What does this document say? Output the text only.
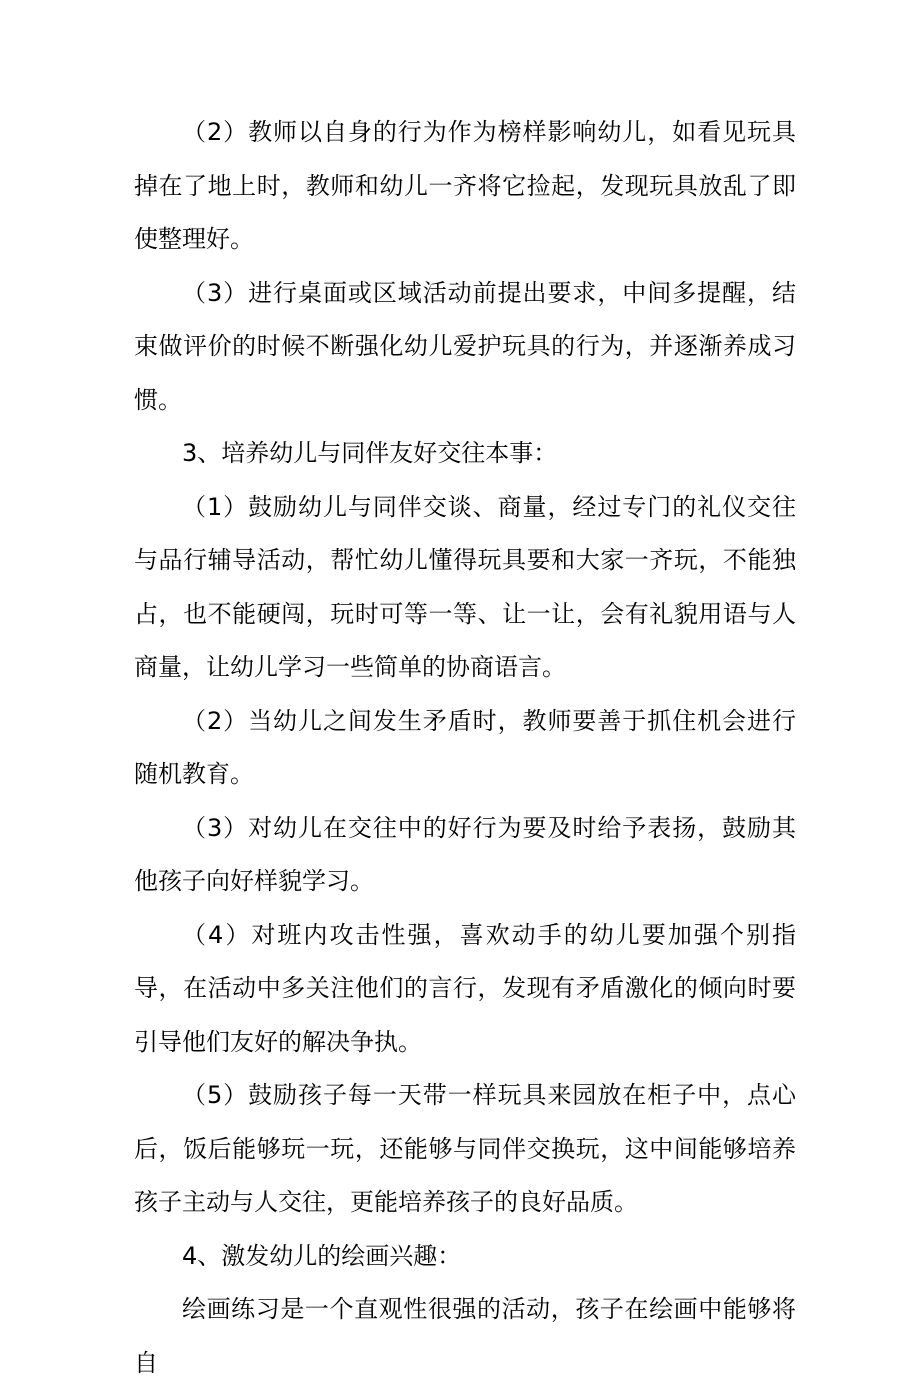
（2）教师以自身的行为作为榜样影响幼儿，如看见玩具掉在了地上时，教师和幼儿一齐将它捡起，发现玩具放乱了即使整理好。

（3）进行桌面或区域活动前提出要求，中间多提醒，结束做评价的时候不断强化幼儿爱护玩具的行为，并逐渐养成习惯。

3、培养幼儿与同伴友好交往本事：

（1）鼓励幼儿与同伴交谈、商量，经过专门的礼仪交往与品行辅导活动，帮忙幼儿懂得玩具要和大家一齐玩，不能独占，也不能硬闯，玩时可等一等、让一让，会有礼貌用语与人商量，让幼儿学习一些简单的协商语言。

（2）当幼儿之间发生矛盾时，教师要善于抓住机会进行随机教育。

（3）对幼儿在交往中的好行为要及时给予表扬，鼓励其他孩子向好样貌学习。

（4）对班内攻击性强，喜欢动手的幼儿要加强个别指导，在活动中多关注他们的言行，发现有矛盾激化的倾向时要引导他们友好的解决争执。

（5）鼓励孩子每一天带一样玩具来园放在柜子中，点心后，饭后能够玩一玩，还能够与同伴交换玩，这中间能够培养孩子主动与人交往，更能培养孩子的良好品质。

4、激发幼儿的绘画兴趣：

绘画练习是一个直观性很强的活动，孩子在绘画中能够将自
